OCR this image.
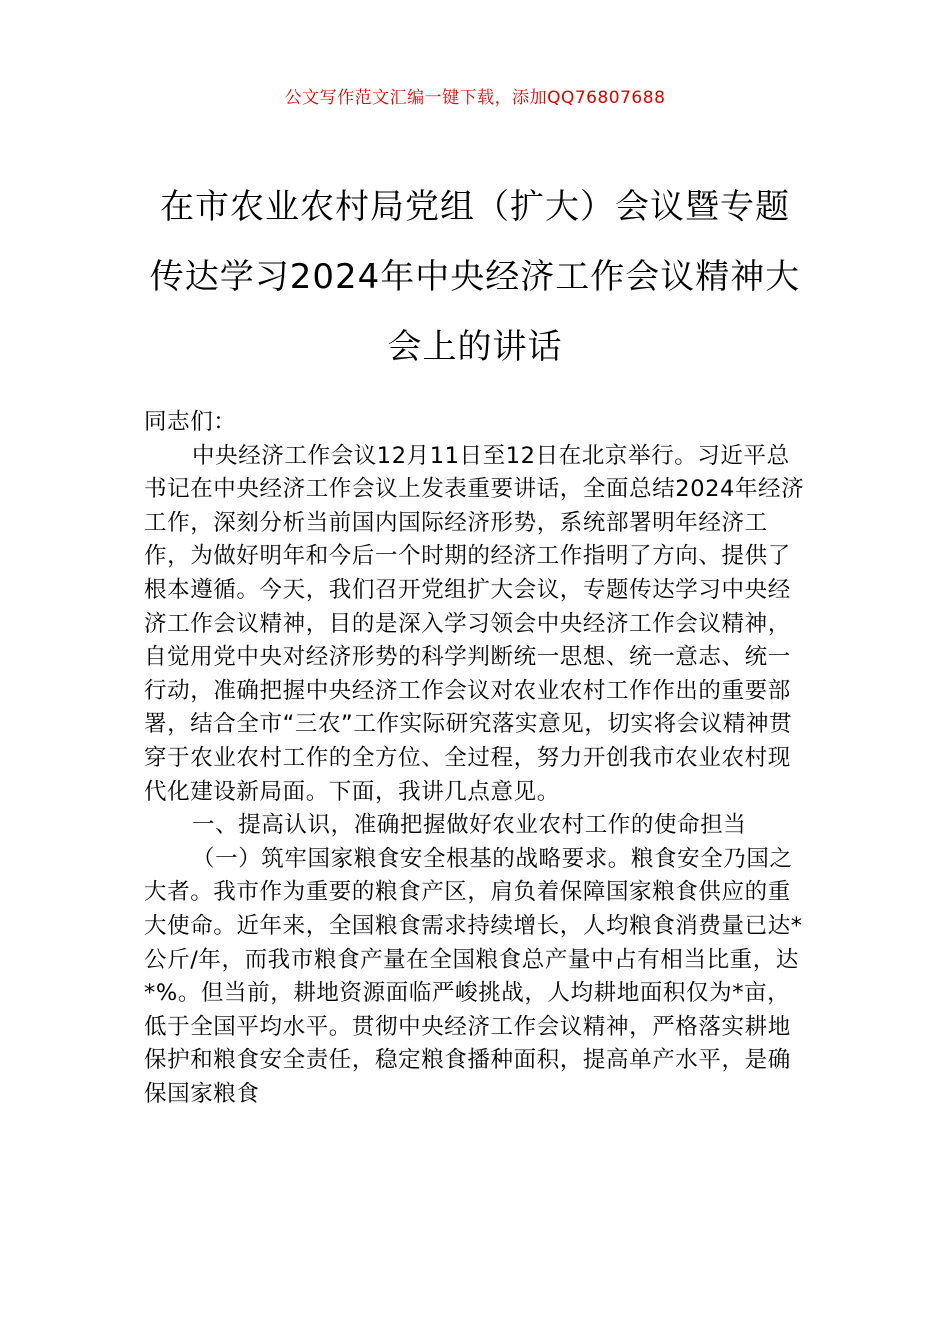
公文写作范文汇编一键下载，添加QQ76807688
在市农业农村局党组（扩大）会议暨专题
传达学习2024年中央经济工作会议精神大
会上的讲话

同志们：

中央经济工作会议12月11日至12日在北京举行。习近平总书记在中央经济工作会议上发表重要讲话，全面总结2024年经济工作，深刻分析当前国内国际经济形势，系统部署明年经济工作，为做好明年和今后一个时期的经济工作指明了方向、提供了根本遵循。今天，我们召开党组扩大会议，专题传达学习中央经济工作会议精神，目的是深入学习领会中央经济工作会议精神，自觉用党中央对经济形势的科学判断统一思想、统一意志、统一行动，准确把握中央经济工作会议对农业农村工作作出的重要部署，结合全市“三农”工作实际研究落实意见，切实将会议精神贯穿于农业农村工作的全方位、全过程，努力开创我市农业农村现代化建设新局面。下面，我讲几点意见。

一、提高认识，准确把握做好农业农村工作的使命担当

（一）筑牢国家粮食安全根基的战略要求。粮食安全乃国之大者。我市作为重要的粮食产区，肩负着保障国家粮食供应的重大使命。近年来，全国粮食需求持续增长，人均粮食消费量已达*公斤/年，而我市粮食产量在全国粮食总产量中占有相当比重，达*%。但当前，耕地资源面临严峻挑战，人均耕地面积仅为*亩，低于全国平均水平。贯彻中央经济工作会议精神，严格落实耕地保护和粮食安全责任，稳定粮食播种面积，提高单产水平，是确保国家粮食
